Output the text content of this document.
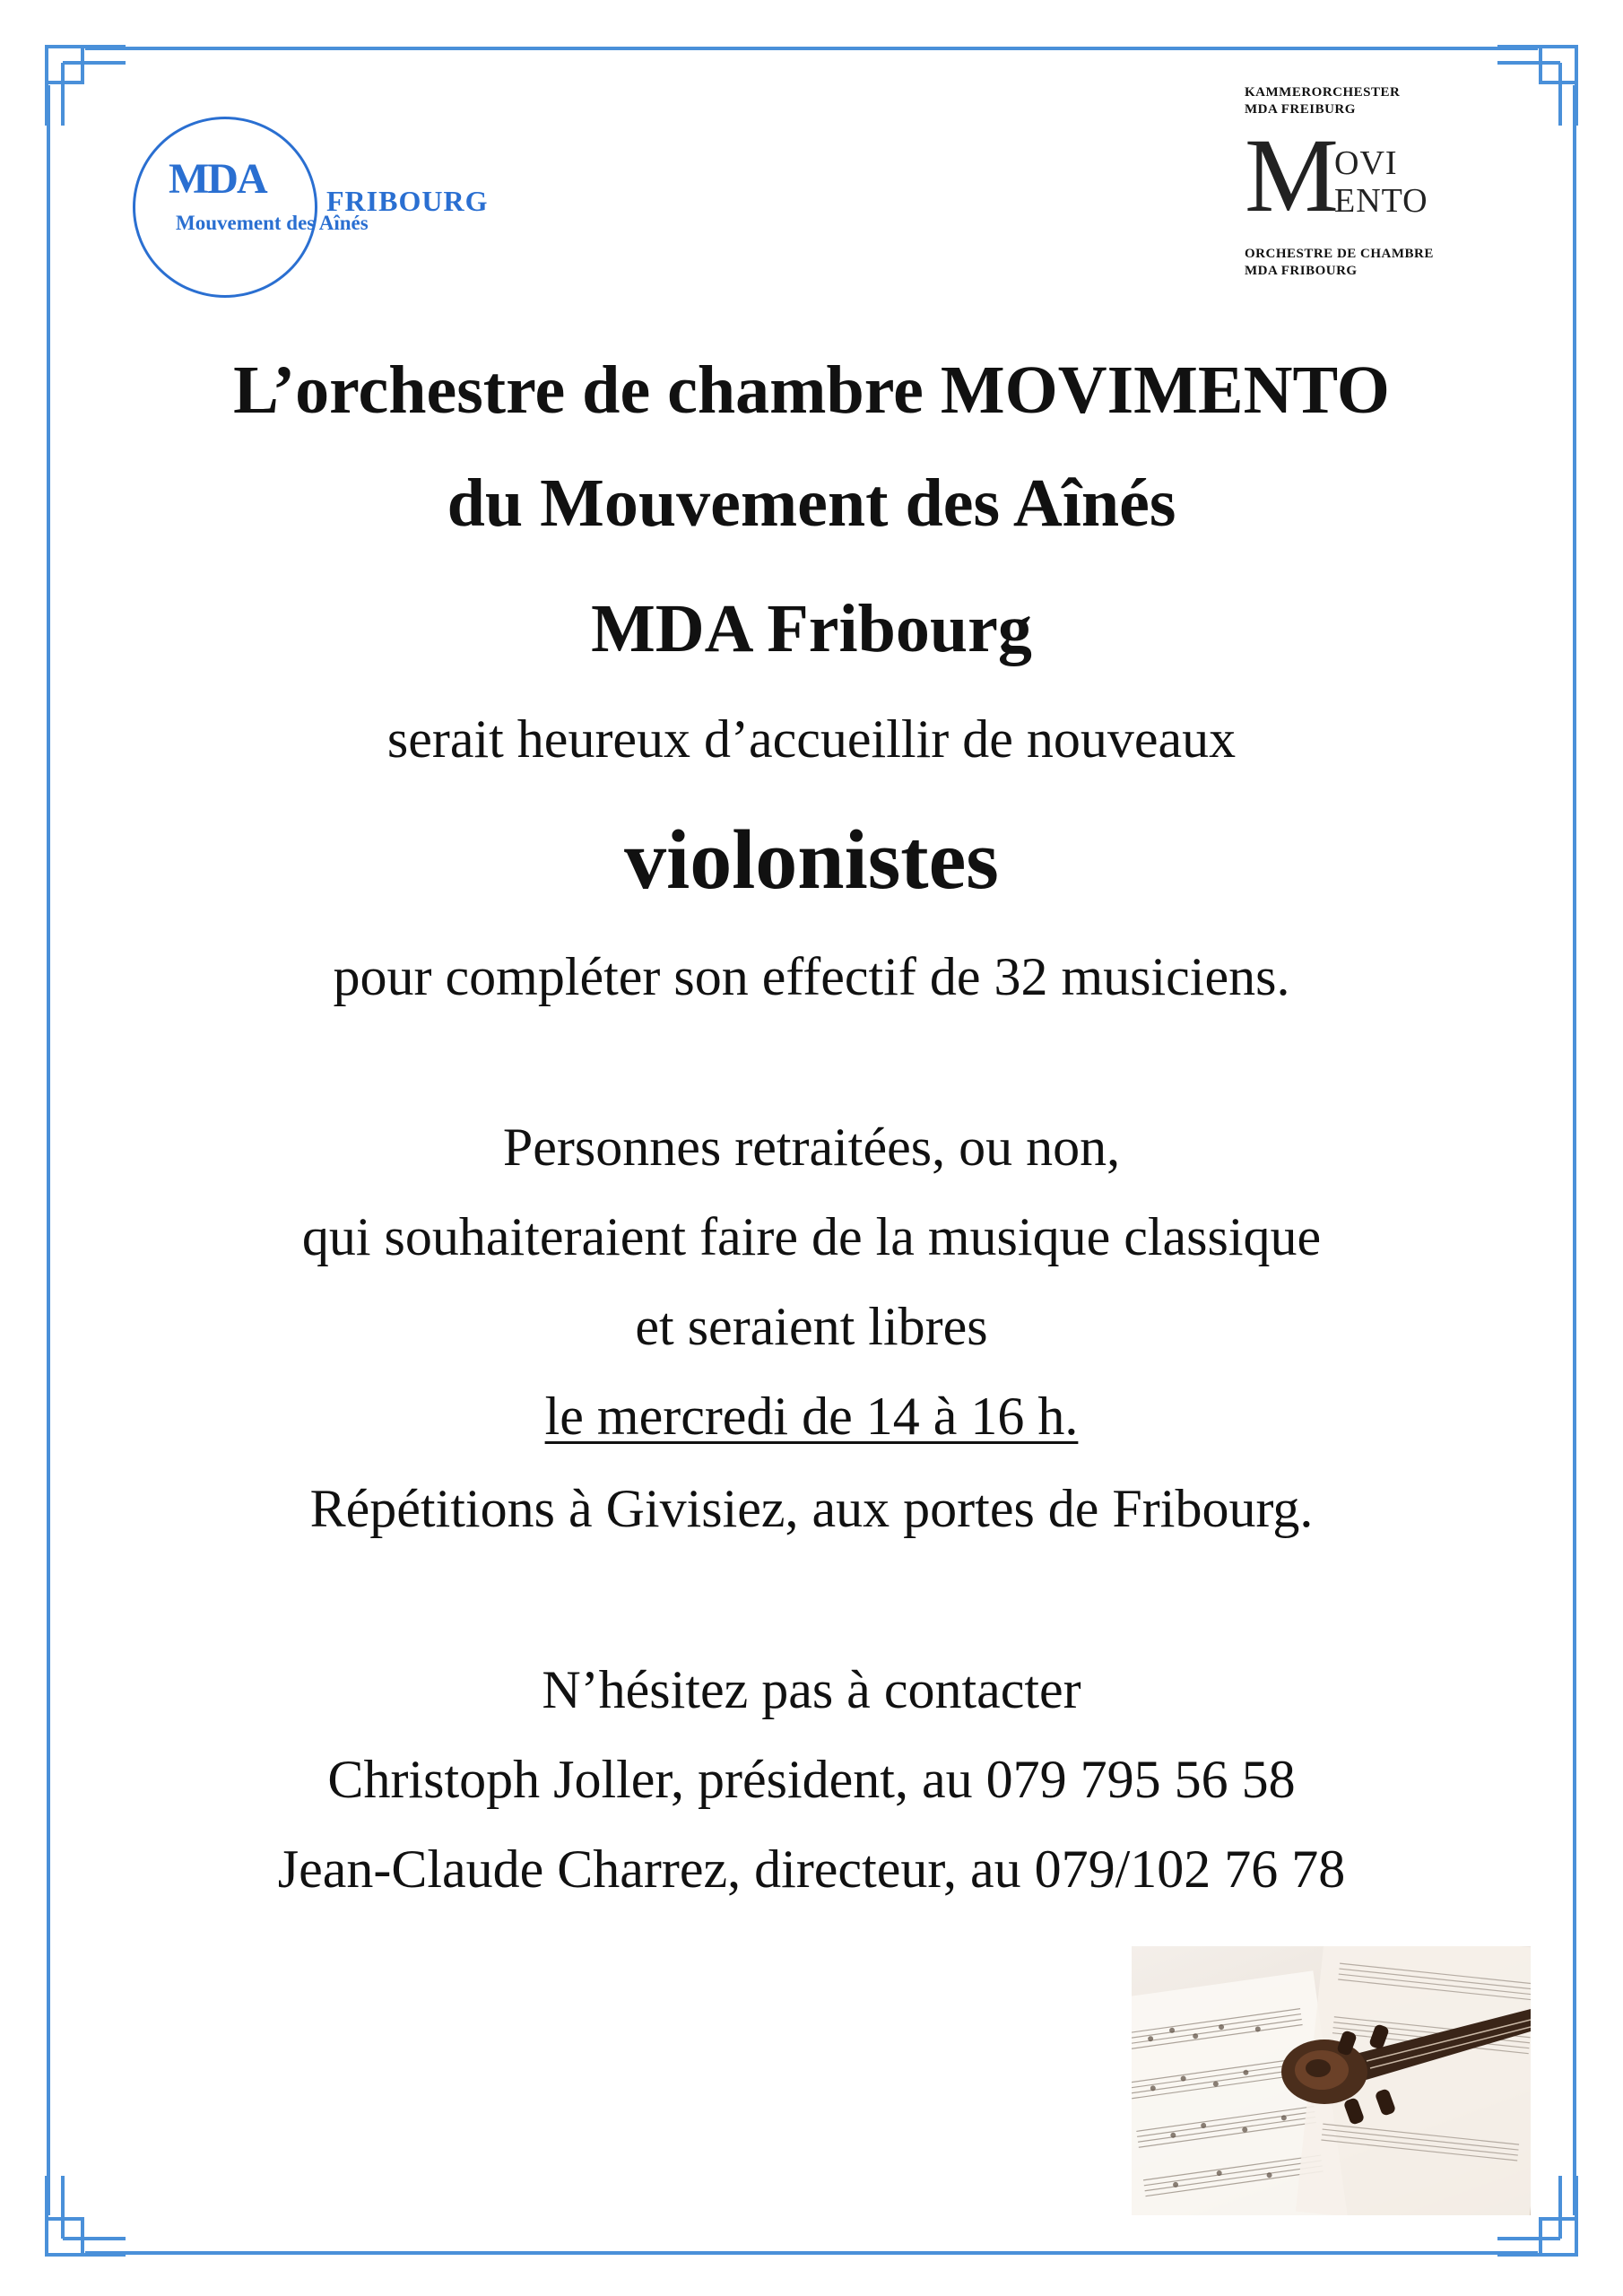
MDA FRIBOURG
Mouvement des Aînés

KAMMERORCHESTER

MDA FREIBURG

M
OVI
ENTO

ORCHESTRE DE CHAMBRE

MDA FRIBOURG

L’orchestre de chambre MOVIMENTO
du Mouvement des Aînés
MDA Fribourg
serait heureux d’accueillir de nouveaux
violonistes
pour compléter son effectif de 32 musiciens.
Personnes retraitées, ou non,
qui souhaiteraient faire de la musique classique
et seraient libres
le mercredi de 14 à 16 h.
Répétitions à Givisiez, aux portes de Fribourg.
N’hésitez pas à contacter
Christoph Joller, président, au 079 795 56 58
Jean-Claude Charrez, directeur, au 079/102 76 78
